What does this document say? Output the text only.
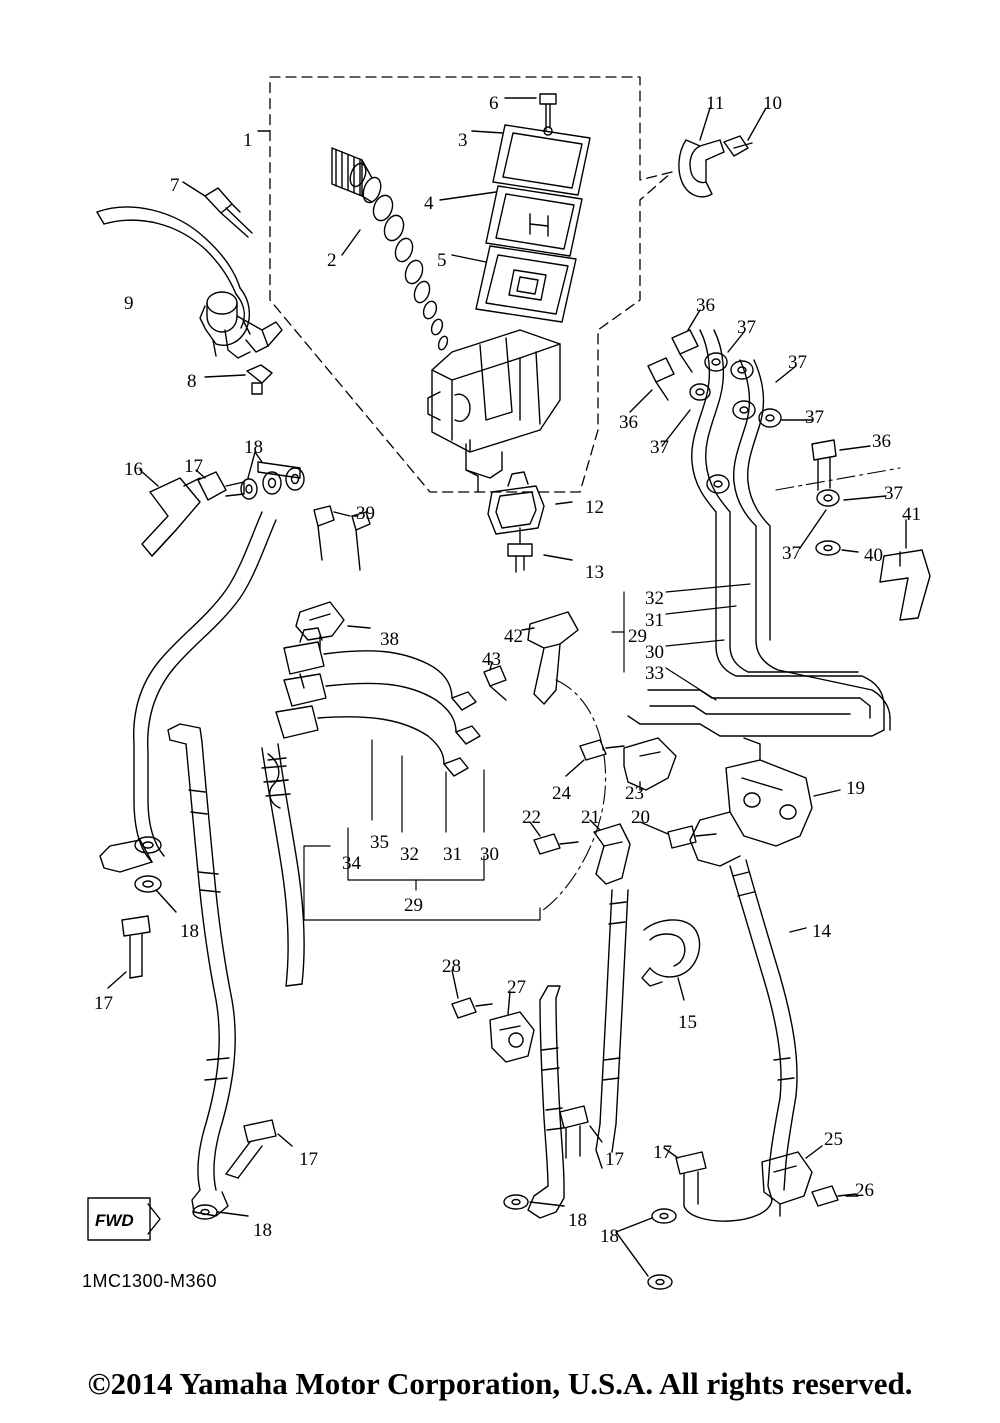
1
2
3
4
5
6
7
8
9
10
11
12
13
14
15
16 17
18
19
20
21
22
23
24
25
26
27
28
29
30
31
32
33
34
35
32 31 30
29
36
36
36
37
37
37
37
37
37
38
39
40
41
42
43
17
18
17
18
17
18
17
18
1MC1300-M360
©2014 Yamaha Motor Corporation, U.S.A. All rights reserved.
FWD
